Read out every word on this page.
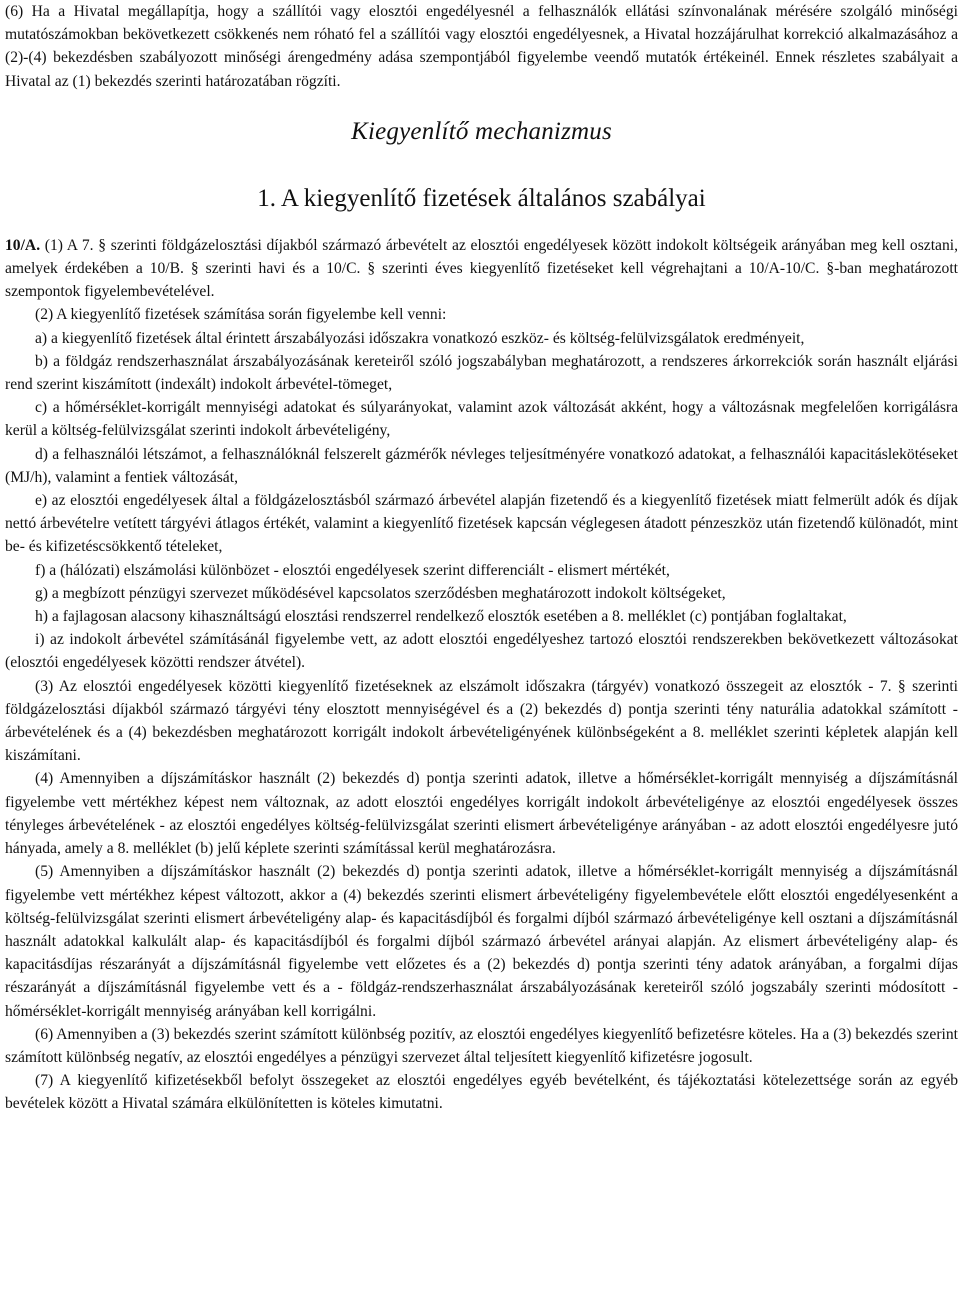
(6) Ha a Hivatal megállapítja, hogy a szállítói vagy elosztói engedélyesnél a felhasználók ellátási színvonalának mérésére szolgáló minőségi mutatószámokban bekövetkezett csökkenés nem róható fel a szállítói vagy elosztói engedélyesnek, a Hivatal hozzájárulhat korrekció alkalmazásához a (2)-(4) bekezdésben szabályozott minőségi árengedmény adása szempontjából figyelembe veendő mutatók értékeinél. Ennek részletes szabályait a Hivatal az (1) bekezdés szerinti határozatában rögzíti.

Kiegyenlítő mechanizmus
1. A kiegyenlítő fizetések általános szabályai

10/A. (1) A 7. § szerinti földgázelosztási díjakból származó árbevételt az elosztói engedélyesek között indokolt költségeik arányában meg kell osztani, amelyek érdekében a 10/B. § szerinti havi és a 10/C. § szerinti éves kiegyenlítő fizetéseket kell végrehajtani a 10/A-10/C. §-ban meghatározott szempontok figyelembevételével.

(2) A kiegyenlítő fizetések számítása során figyelembe kell venni:

a) a kiegyenlítő fizetések által érintett árszabályozási időszakra vonatkozó eszköz- és költség-felülvizsgálatok eredményeit,

b) a földgáz rendszerhasználat árszabályozásának kereteiről szóló jogszabályban meghatározott, a rendszeres árkorrekciók során használt eljárási rend szerint kiszámított (indexált) indokolt árbevétel-tömeget,

c) a hőmérséklet-korrigált mennyiségi adatokat és súlyarányokat, valamint azok változását akként, hogy a változásnak megfelelően korrigálásra kerül a költség-felülvizsgálat szerinti indokolt árbevételigény,

d) a felhasználói létszámot, a felhasználóknál felszerelt gázmérők névleges teljesítményére vonatkozó adatokat, a felhasználói kapacitáslekötéseket (MJ/h), valamint a fentiek változását,

e) az elosztói engedélyesek által a földgázelosztásból származó árbevétel alapján fizetendő és a kiegyenlítő fizetések miatt felmerült adók és díjak nettó árbevételre vetített tárgyévi átlagos értékét, valamint a kiegyenlítő fizetések kapcsán véglegesen átadott pénzeszköz után fizetendő különadót, mint be- és kifizetéscsökkentő tételeket,

f) a (hálózati) elszámolási különbözet - elosztói engedélyesek szerint differenciált - elismert mértékét,

g) a megbízott pénzügyi szervezet működésével kapcsolatos szerződésben meghatározott indokolt költségeket,

h) a fajlagosan alacsony kihasználtságú elosztási rendszerrel rendelkező elosztók esetében a 8. melléklet (c) pontjában foglaltakat,

i) az indokolt árbevétel számításánál figyelembe vett, az adott elosztói engedélyeshez tartozó elosztói rendszerekben bekövetkezett változásokat (elosztói engedélyesek közötti rendszer átvétel).

(3) Az elosztói engedélyesek közötti kiegyenlítő fizetéseknek az elszámolt időszakra (tárgyév) vonatkozó összegeit az elosztók - 7. § szerinti földgázelosztási díjakból származó tárgyévi tény elosztott mennyiségével és a (2) bekezdés d) pontja szerinti tény naturália adatokkal számított - árbevételének és a (4) bekezdésben meghatározott korrigált indokolt árbevételigényének különbségeként a 8. melléklet szerinti képletek alapján kell kiszámítani.

(4) Amennyiben a díjszámításkor használt (2) bekezdés d) pontja szerinti adatok, illetve a hőmérséklet-korrigált mennyiség a díjszámításnál figyelembe vett mértékhez képest nem változnak, az adott elosztói engedélyes korrigált indokolt árbevételigénye az elosztói engedélyesek összes tényleges árbevételének - az elosztói engedélyes költség-felülvizsgálat szerinti elismert árbevételigénye arányában - az adott elosztói engedélyesre jutó hányada, amely a 8. melléklet (b) jelű képlete szerinti számítással kerül meghatározásra.

(5) Amennyiben a díjszámításkor használt (2) bekezdés d) pontja szerinti adatok, illetve a hőmérséklet-korrigált mennyiség a díjszámításnál figyelembe vett mértékhez képest változott, akkor a (4) bekezdés szerinti elismert árbevételigény figyelembevétele előtt elosztói engedélyesenként a költség-felülvizsgálat szerinti elismert árbevételigény alap- és kapacitásdíjból és forgalmi díjból származó árbevételigénye kell osztani a díjszámításnál használt adatokkal kalkulált alap- és kapacitásdíjból és forgalmi díjból származó árbevétel arányai alapján. Az elismert árbevételigény alap- és kapacitásdíjas részarányát a díjszámításnál figyelembe vett előzetes és a (2) bekezdés d) pontja szerinti tény adatok arányában, a forgalmi díjas részarányát a díjszámításnál figyelembe vett és a - földgáz-rendszerhasználat árszabályozásának kereteiről szóló jogszabály szerinti módosított - hőmérséklet-korrigált mennyiség arányában kell korrigálni.

(6) Amennyiben a (3) bekezdés szerint számított különbség pozitív, az elosztói engedélyes kiegyenlítő befizetésre köteles. Ha a (3) bekezdés szerint számított különbség negatív, az elosztói engedélyes a pénzügyi szervezet által teljesített kiegyenlítő kifizetésre jogosult.

(7) A kiegyenlítő kifizetésekből befolyt összegeket az elosztói engedélyes egyéb bevételként, és tájékoztatási kötelezettsége során az egyéb bevételek között a Hivatal számára elkülönítetten is köteles kimutatni.
